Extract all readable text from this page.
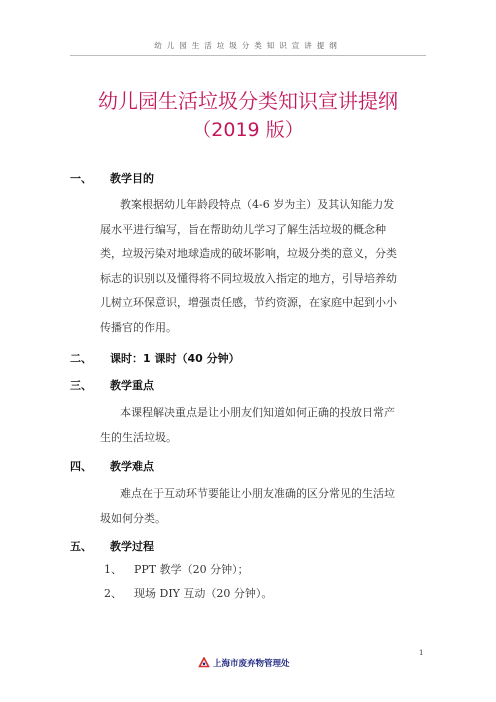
幼儿园生活垃圾分类知识宣讲提纲
幼儿园生活垃圾分类知识宣讲提纲
（2019 版）
一、	教学目的
教案根据幼儿年龄段特点（4-6 岁为主）及其认知能力发
展水平进行编写，旨在帮助幼儿学习了解生活垃圾的概念种
类，垃圾污染对地球造成的破坏影响，垃圾分类的意义，分类
标志的识别以及懂得将不同垃圾放入指定的地方，引导培养幼
儿树立环保意识，增强责任感，节约资源，在家庭中起到小小
传播官的作用。
二、	课时：1 课时（40 分钟）
三、	教学重点
本课程解决重点是让小朋友们知道如何正确的投放日常产
生的生活垃圾。
四、	教学难点
难点在于互动环节要能让小朋友准确的区分常见的生活垃
圾如何分类。
五、	教学过程
1、 PPT 教学（20 分钟）；
2、 现场 DIY 互动（20 分钟）。
上海市废弃物管理处
1
